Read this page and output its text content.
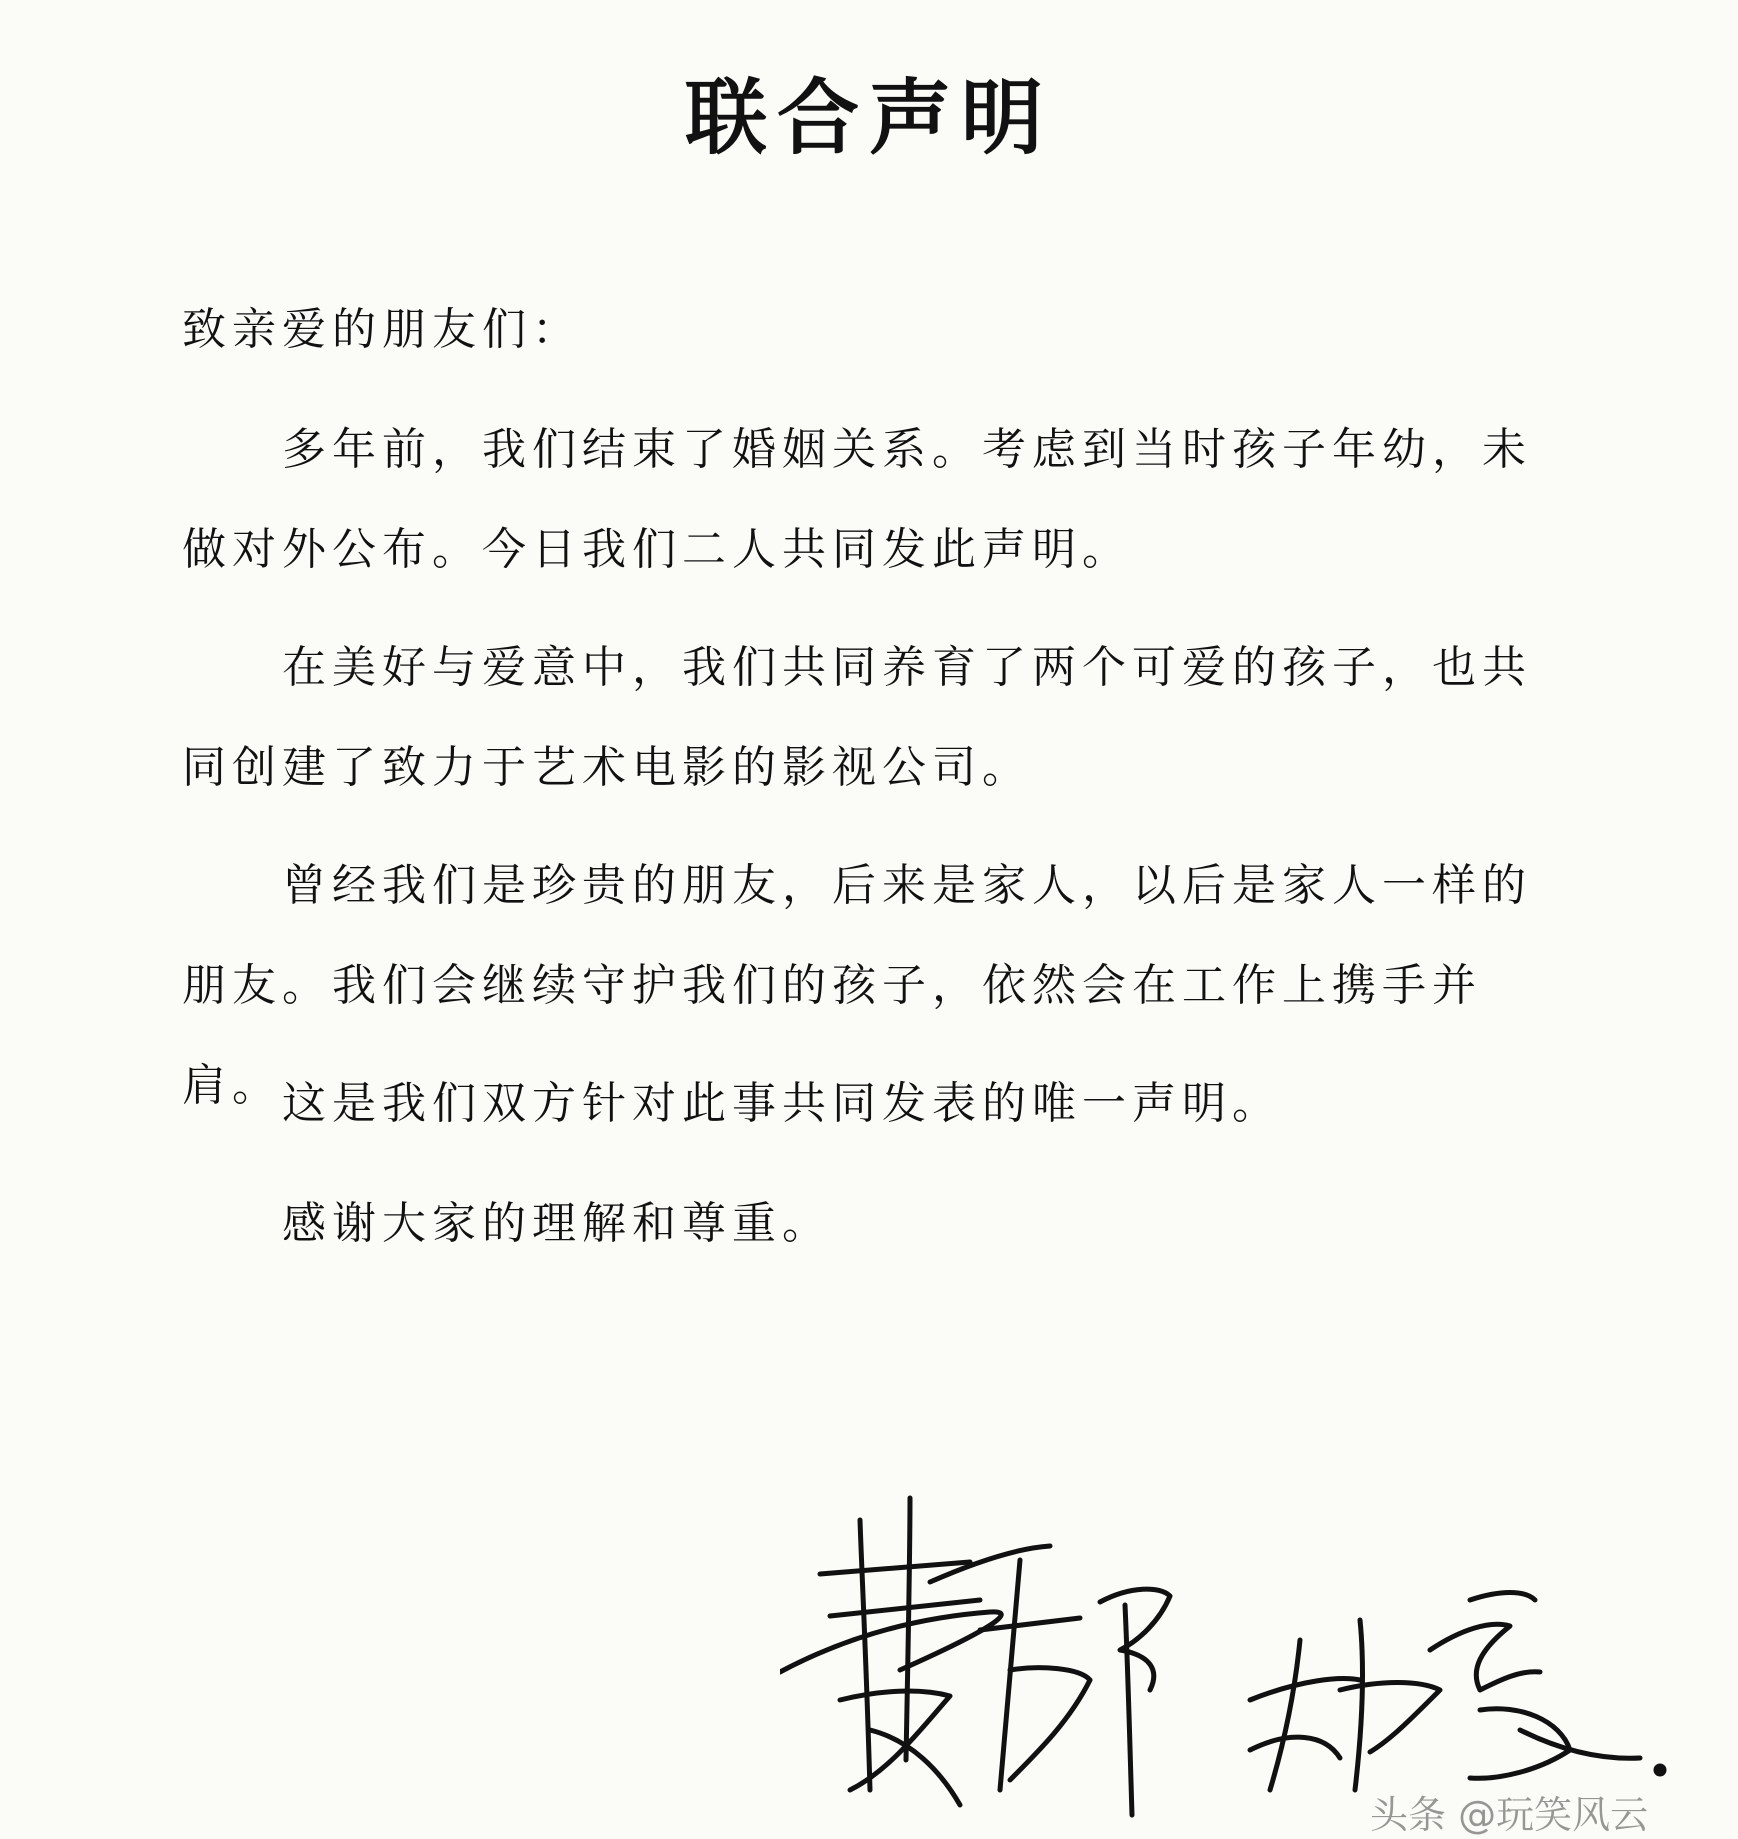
联合声明
致亲爱的朋友们：
多年前，我们结束了婚姻关系。考虑到当时孩子年幼，未做对外公布。今日我们二人共同发此声明。
在美好与爱意中，我们共同养育了两个可爱的孩子，也共同创建了致力于艺术电影的影视公司。
曾经我们是珍贵的朋友，后来是家人，以后是家人一样的朋友。我们会继续守护我们的孩子，依然会在工作上携手并肩。 这是我们双方针对此事共同发表的唯一声明。
感谢大家的理解和尊重。
头条 @玩笑风云
